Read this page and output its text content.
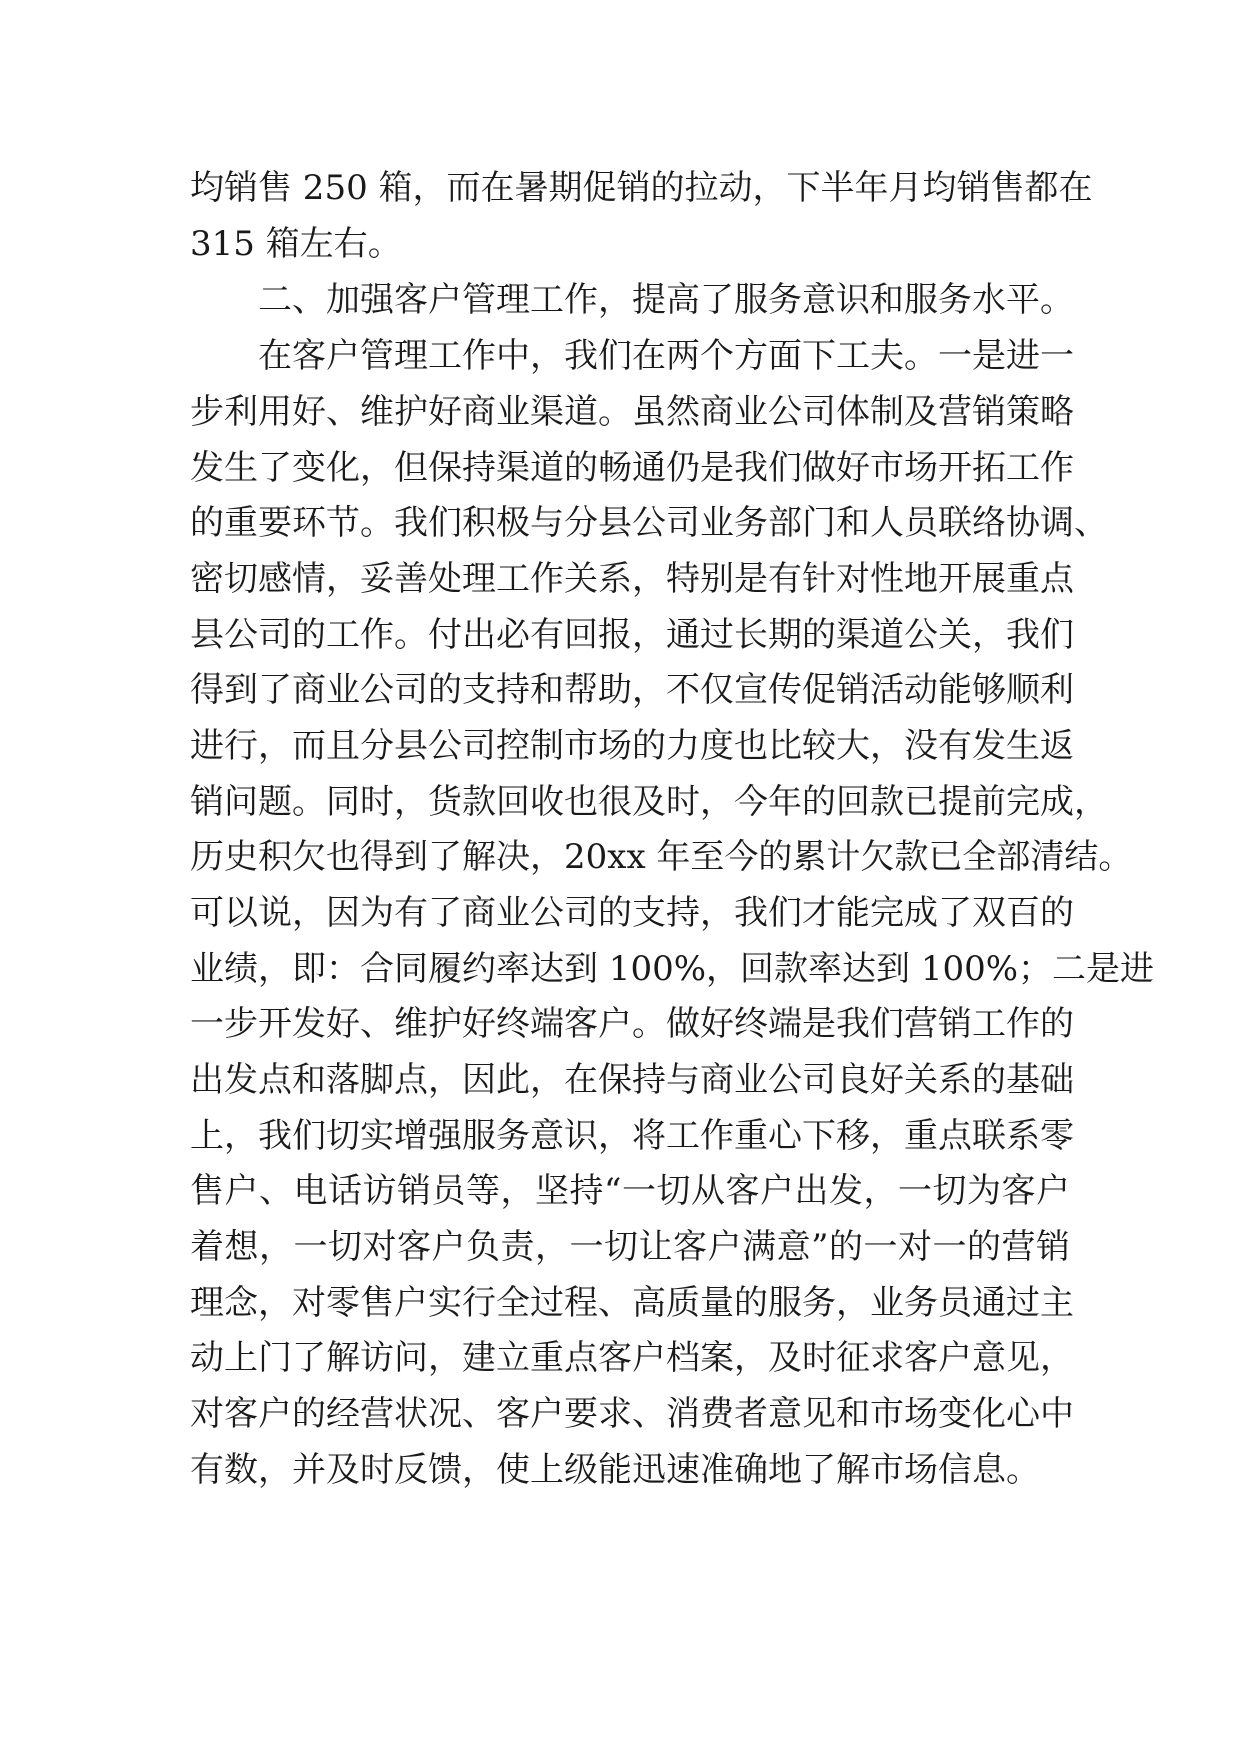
均销售 250 箱，而在暑期促销的拉动，下半年月均销售都在
315 箱左右。
二、加强客户管理工作，提高了服务意识和服务水平。
在客户管理工作中，我们在两个方面下工夫。一是进一
步利用好、维护好商业渠道。虽然商业公司体制及营销策略
发生了变化，但保持渠道的畅通仍是我们做好市场开拓工作
的重要环节。我们积极与分县公司业务部门和人员联络协调、
密切感情，妥善处理工作关系，特别是有针对性地开展重点
县公司的工作。付出必有回报，通过长期的渠道公关，我们
得到了商业公司的支持和帮助，不仅宣传促销活动能够顺利
进行，而且分县公司控制市场的力度也比较大，没有发生返
销问题。同时，货款回收也很及时，今年的回款已提前完成，
历史积欠也得到了解决，20xx 年至今的累计欠款已全部清结。
可以说，因为有了商业公司的支持，我们才能完成了双百的
业绩，即：合同履约率达到 100%，回款率达到 100%；二是进
一步开发好、维护好终端客户。做好终端是我们营销工作的
出发点和落脚点，因此，在保持与商业公司良好关系的基础
上，我们切实增强服务意识，将工作重心下移，重点联系零
售户、电话访销员等，坚持“一切从客户出发，一切为客户
着想，一切对客户负责，一切让客户满意”的一对一的营销
理念，对零售户实行全过程、高质量的服务，业务员通过主
动上门了解访问，建立重点客户档案，及时征求客户意见，
对客户的经营状况、客户要求、消费者意见和市场变化心中
有数，并及时反馈，使上级能迅速准确地了解市场信息。
